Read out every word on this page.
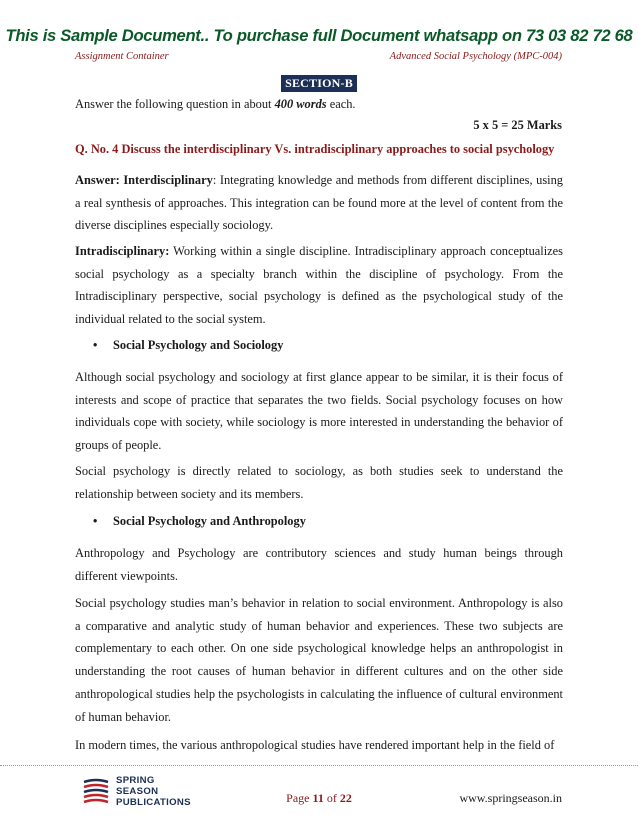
This is Sample Document.. To purchase full Document whatsapp on 73 03 82 72 68
Assignment Container	Advanced Social Psychology (MPC-004)
SECTION-B
Answer the following question in about 400 words each.
5 x 5 = 25 Marks
Q. No. 4 Discuss the interdisciplinary Vs. intradisciplinary approaches to social psychology
Answer: Interdisciplinary: Integrating knowledge and methods from different disciplines, using a real synthesis of approaches. This integration can be found more at the level of content from the diverse disciplines especially sociology.
Intradisciplinary: Working within a single discipline. Intradisciplinary approach conceptualizes social psychology as a specialty branch within the discipline of psychology. From the Intradisciplinary perspective, social psychology is defined as the psychological study of the individual related to the social system.
• Social Psychology and Sociology
Although social psychology and sociology at first glance appear to be similar, it is their focus of interests and scope of practice that separates the two fields. Social psychology focuses on how individuals cope with society, while sociology is more interested in understanding the behavior of groups of people.
Social psychology is directly related to sociology, as both studies seek to understand the relationship between society and its members.
• Social Psychology and Anthropology
Anthropology and Psychology are contributory sciences and study human beings through different viewpoints.
Social psychology studies man’s behavior in relation to social environment. Anthropology is also a comparative and analytic study of human behavior and experiences. These two subjects are complementary to each other. On one side psychological knowledge helps an anthropologist in understanding the root causes of human behavior in different cultures and on the other side anthropological studies help the psychologists in calculating the influence of cultural environment of human behavior.
In modern times, the various anthropological studies have rendered important help in the field of
SPRING
SEASON
PUBLICATIONS	Page 11 of 22	www.springseason.in
